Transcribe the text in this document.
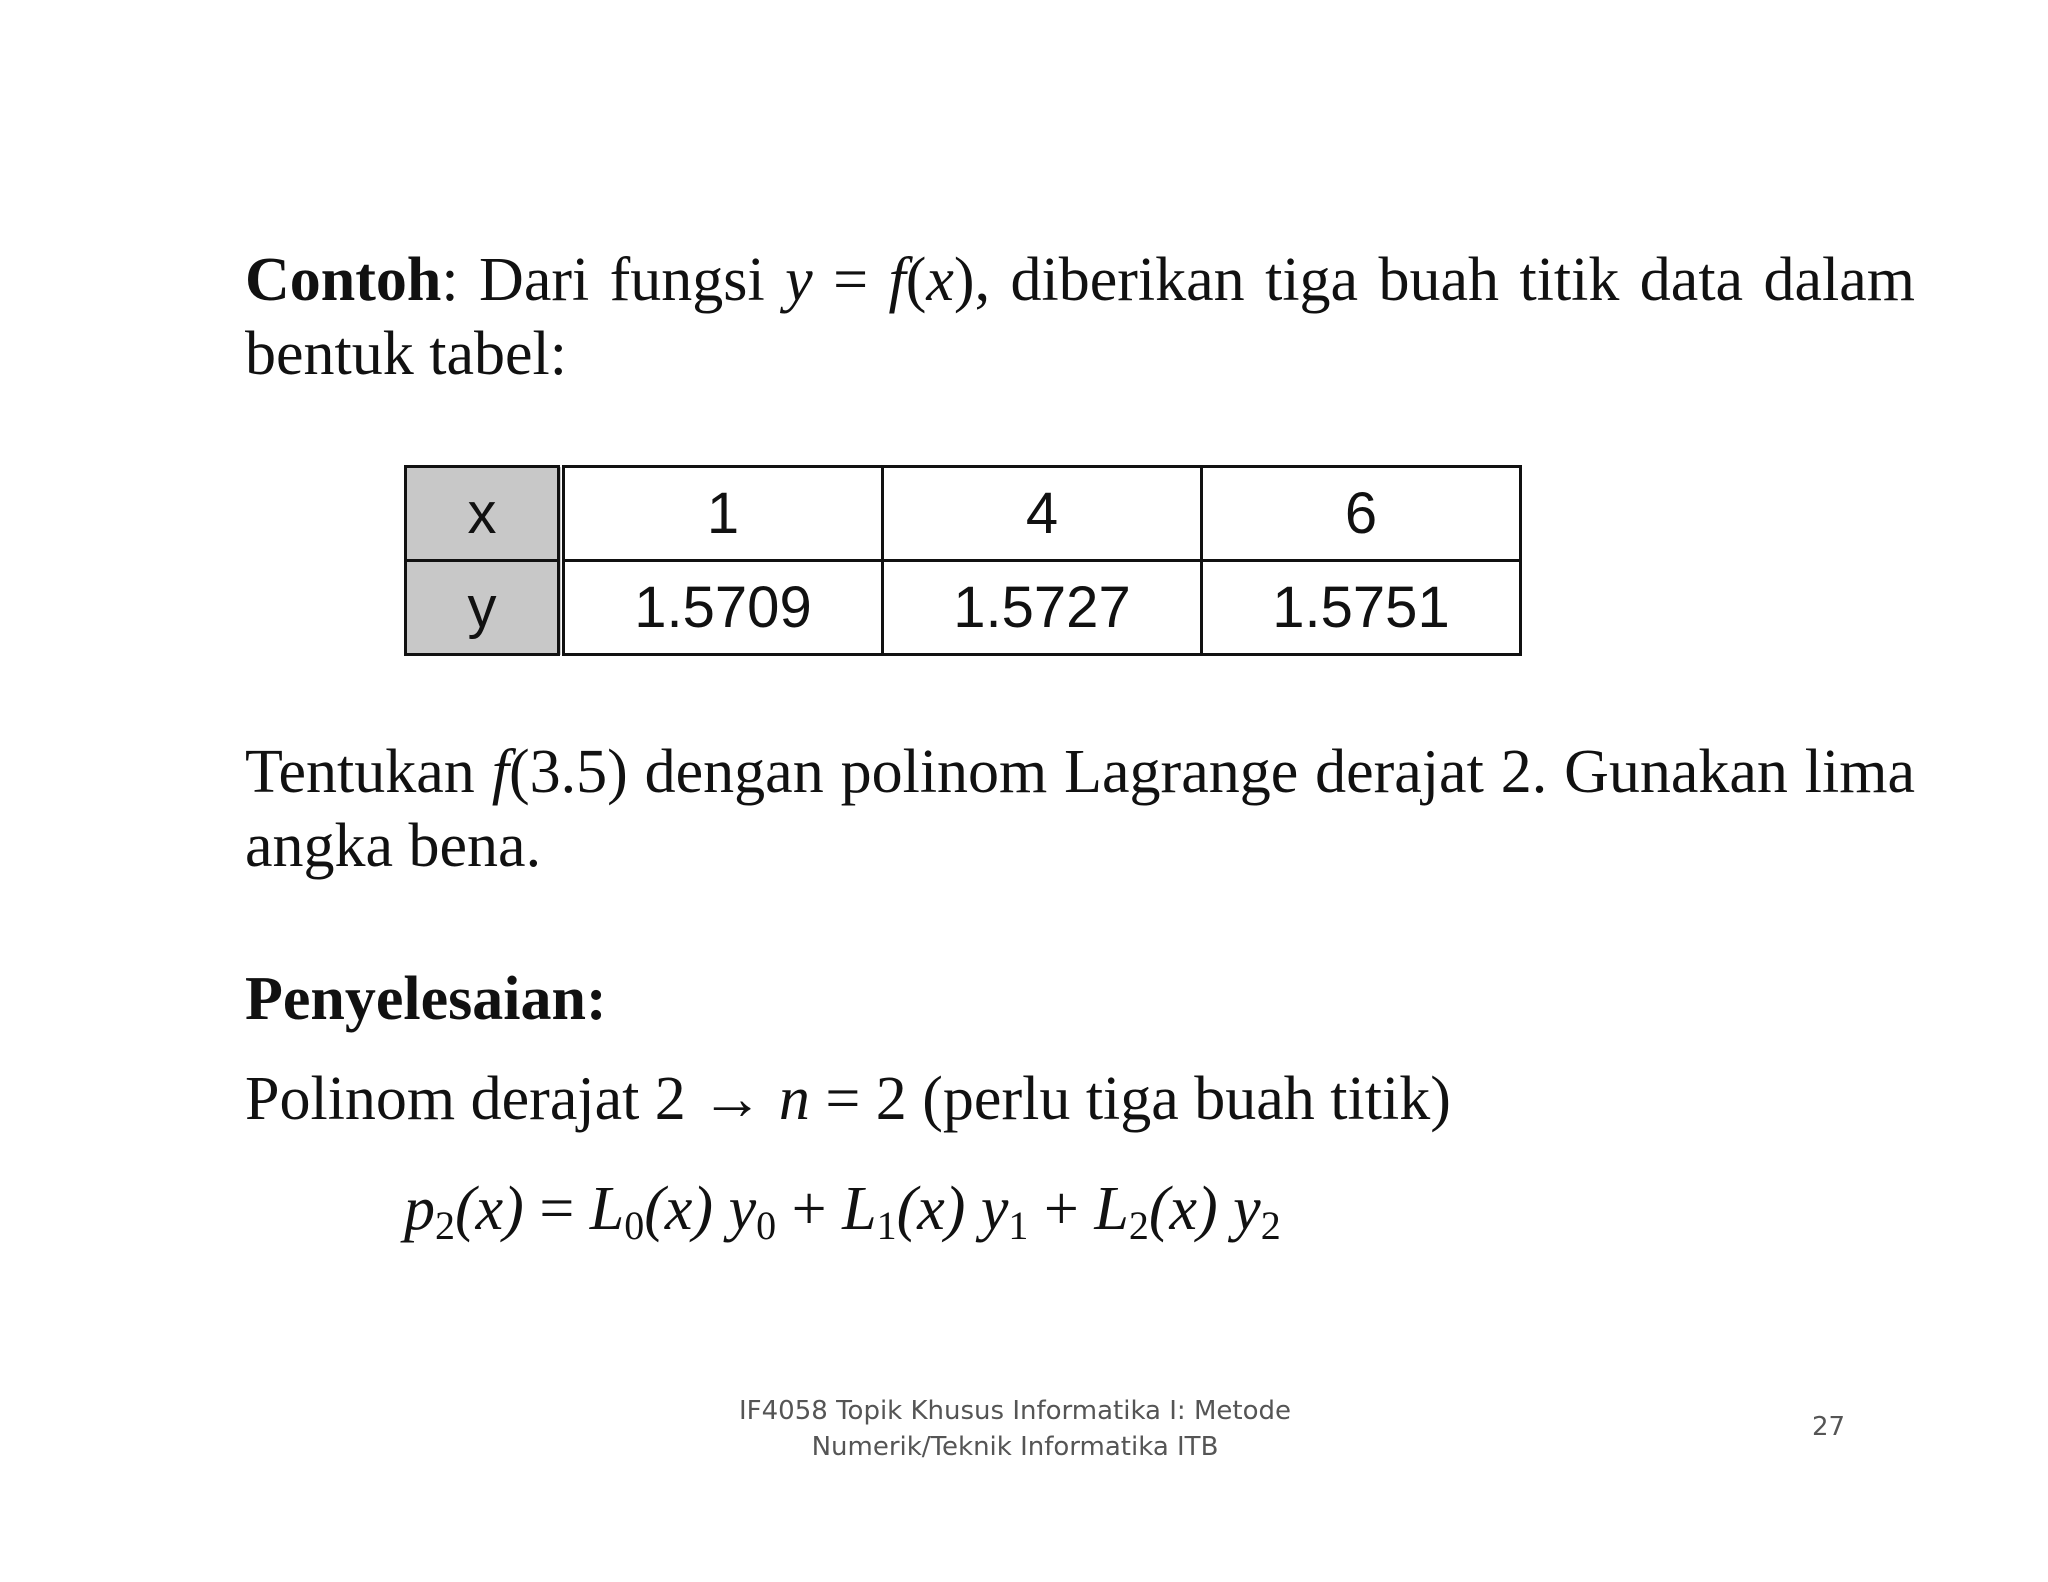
Contoh: Dari fungsi y = f(x), diberikan tiga buah titik data dalam bentuk tabel:
x	1	4	6
y	1.5709	1.5727	1.5751
Tentukan f(3.5) dengan polinom Lagrange derajat 2. Gunakan lima angka bena.
Penyelesaian:
Polinom derajat 2 → n = 2 (perlu tiga buah titik)
$p_2(x) = L_0(x) y_0 + L_1(x) y_1 + L_2(x)$ $y_2$
IF4058 Topik Khusus Informatika I: Metode
Numerik/Teknik Informatika ITB
27
